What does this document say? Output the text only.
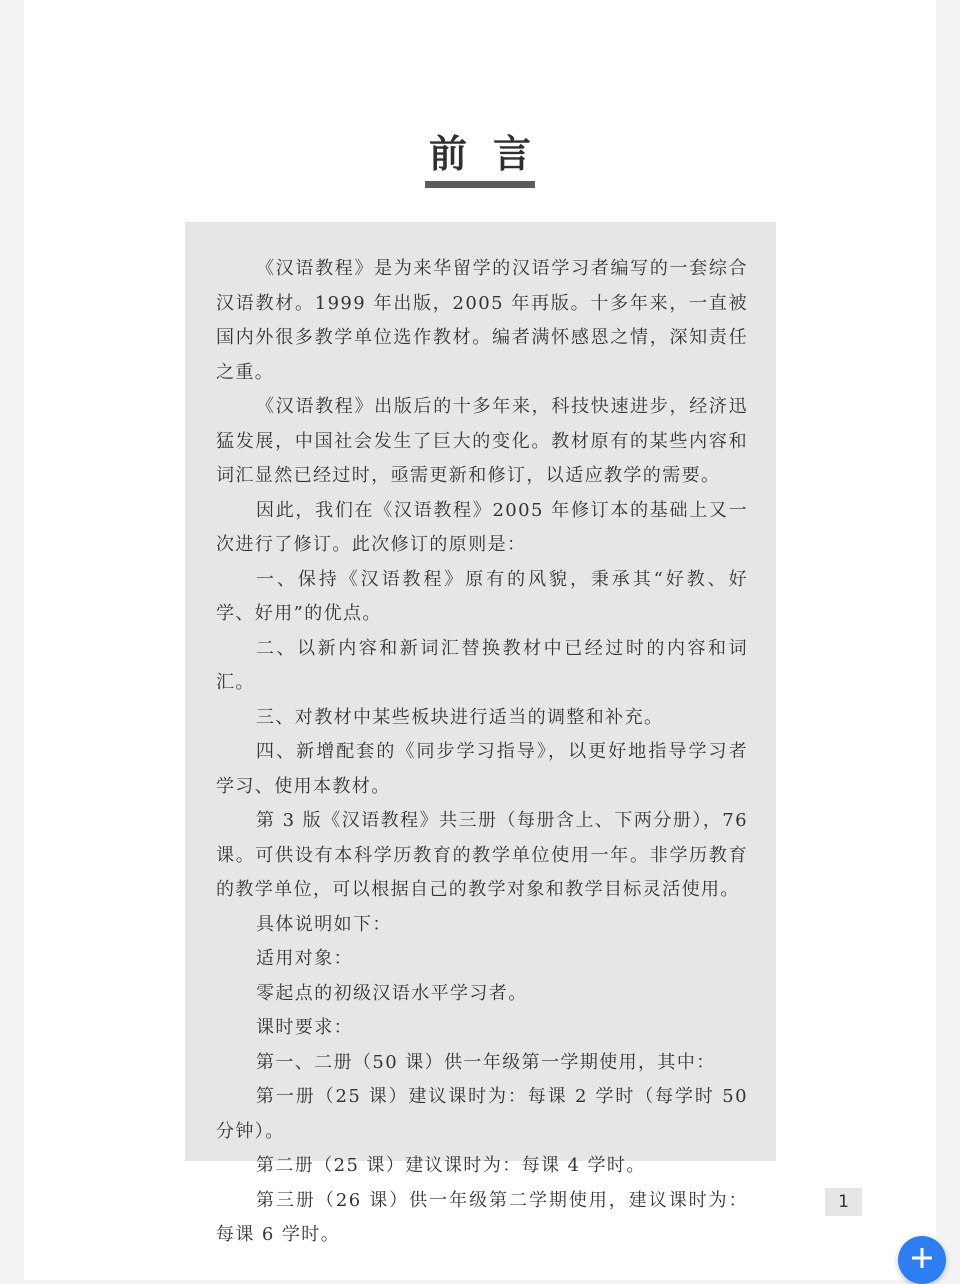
前言

《汉语教程》是为来华留学的汉语学习者编写的一套综合汉语教材。1999 年出版，2005 年再版。十多年来，一直被国内外很多教学单位选作教材。编者满怀感恩之情，深知责任之重。

《汉语教程》出版后的十多年来，科技快速进步，经济迅猛发展，中国社会发生了巨大的变化。教材原有的某些内容和词汇显然已经过时，亟需更新和修订，以适应教学的需要。

因此，我们在《汉语教程》2005 年修订本的基础上又一次进行了修订。此次修订的原则是：

一、保持《汉语教程》原有的风貌，秉承其“好教、好学、好用”的优点。

二、以新内容和新词汇替换教材中已经过时的内容和词汇。

三、对教材中某些板块进行适当的调整和补充。

四、新增配套的《同步学习指导》，以更好地指导学习者学习、使用本教材。

第 3 版《汉语教程》共三册（每册含上、下两分册），76 课。可供设有本科学历教育的教学单位使用一年。非学历教育的教学单位，可以根据自己的教学对象和教学目标灵活使用。

具体说明如下：

适用对象：

零起点的初级汉语水平学习者。

课时要求：

第一、二册（50 课）供一年级第一学期使用，其中：

第一册（25 课）建议课时为：每课 2 学时（每学时 50 分钟）。

第二册（25 课）建议课时为：每课 4 学时。

第三册（26 课）供一年级第二学期使用，建议课时为：每课 6 学时。

1
